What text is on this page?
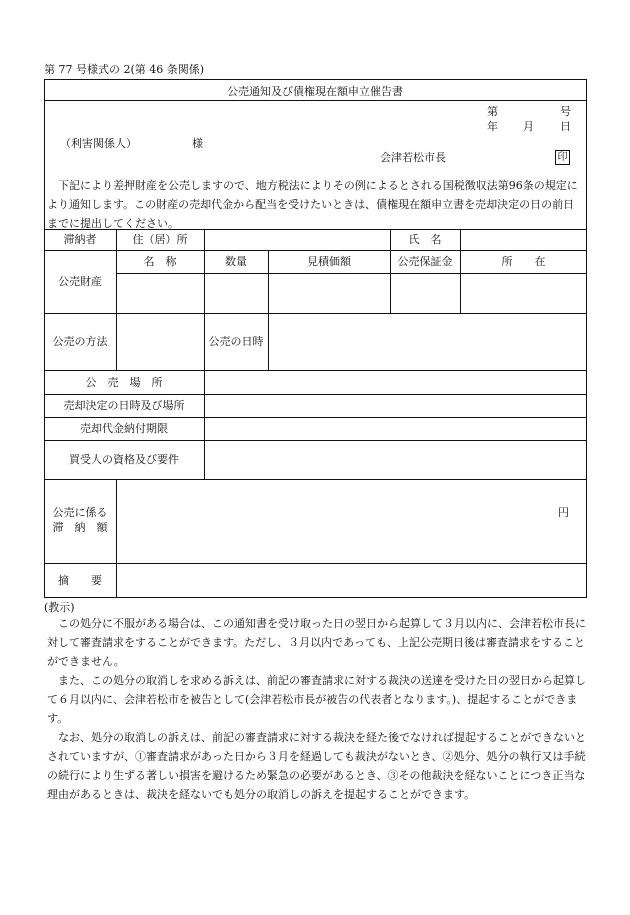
第 77 号様式の 2(第 46 条関係)
公売通知及び債権現在額申立催告書
第	号
年 月 日
（利害関係人）	様
会津若松市長	印

下記により差押財産を公売しますので、地方税法によりその例によるとされる国税徴収法第96条の規定により通知します。この財産の売却代金から配当を受けたいときは、債権現在額申立書を売却決定の日の前日までに提出してください。

滞納者	住（居）所	氏　名
名　称	数量	見積価額	公売保証金	所　　在
公売財産
公売の方法	公売の日時
公　売　場　所
売却決定の日時及び場所
売却代金納付期限
買受人の資格及び要件
公売に係る
滞　納　額
円
摘　　要
(教示)

この処分に不服がある場合は、この通知書を受け取った日の翌日から起算して３月以内に、会津若松市長に対して審査請求をすることができます。ただし、３月以内であっても、上記公売期日後は審査請求をすることができません。

また、この処分の取消しを求める訴えは、前記の審査請求に対する裁決の送達を受けた日の翌日から起算して６月以内に、会津若松市を被告として(会津若松市長が被告の代表者となります。)、提起することができます。

なお、処分の取消しの訴えは、前記の審査請求に対する裁決を経た後でなければ提起することができないとされていますが、①審査請求があった日から３月を経過しても裁決がないとき、②処分、処分の執行又は手続の続行により生ずる著しい損害を避けるため緊急の必要があるとき、③その他裁決を経ないことにつき正当な理由があるときは、裁決を経ないでも処分の取消しの訴えを提起することができます。
